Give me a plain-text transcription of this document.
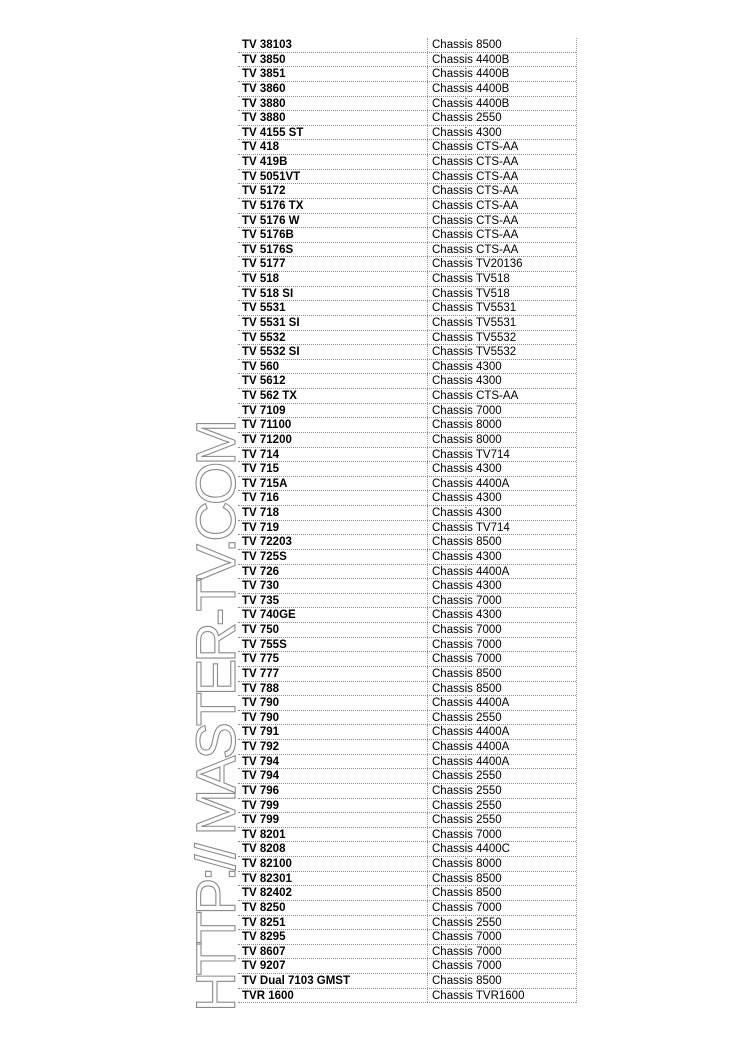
HTTP:// MASTER-TV.COM
TV 38103	Chassis 8500
TV 3850	Chassis 4400B
TV 3851	Chassis 4400B
TV 3860	Chassis 4400B
TV 3880	Chassis 4400B
TV 3880	Chassis 2550
TV 4155 ST	Chassis 4300
TV 418	Chassis CTS-AA
TV 419B	Chassis CTS-AA
TV 5051VT	Chassis CTS-AA
TV 5172	Chassis CTS-AA
TV 5176 TX	Chassis CTS-AA
TV 5176 W	Chassis CTS-AA
TV 5176B	Chassis CTS-AA
TV 5176S	Chassis CTS-AA
TV 5177	Chassis TV20136
TV 518	Chassis TV518
TV 518 SI	Chassis TV518
TV 5531	Chassis TV5531
TV 5531 SI	Chassis TV5531
TV 5532	Chassis TV5532
TV 5532 SI	Chassis TV5532
TV 560	Chassis 4300
TV 5612	Chassis 4300
TV 562 TX	Chassis CTS-AA
TV 7109	Chassis 7000
TV 71100	Chassis 8000
TV 71200	Chassis 8000
TV 714	Chassis TV714
TV 715	Chassis 4300
TV 715A	Chassis 4400A
TV 716	Chassis 4300
TV 718	Chassis 4300
TV 719	Chassis TV714
TV 72203	Chassis 8500
TV 725S	Chassis 4300
TV 726	Chassis 4400A
TV 730	Chassis 4300
TV 735	Chassis 7000
TV 740GE	Chassis 4300
TV 750	Chassis 7000
TV 755S	Chassis 7000
TV 775	Chassis 7000
TV 777	Chassis 8500
TV 788	Chassis 8500
TV 790	Chassis 4400A
TV 790	Chassis 2550
TV 791	Chassis 4400A
TV 792	Chassis 4400A
TV 794	Chassis 4400A
TV 794	Chassis 2550
TV 796	Chassis 2550
TV 799	Chassis 2550
TV 799	Chassis 2550
TV 8201	Chassis 7000
TV 8208	Chassis 4400C
TV 82100	Chassis 8000
TV 82301	Chassis 8500
TV 82402	Chassis 8500
TV 8250	Chassis 7000
TV 8251	Chassis 2550
TV 8295	Chassis 7000
TV 8607	Chassis 7000
TV 9207	Chassis 7000
TV Dual 7103 GMST	Chassis 8500
TVR 1600	Chassis TVR1600
